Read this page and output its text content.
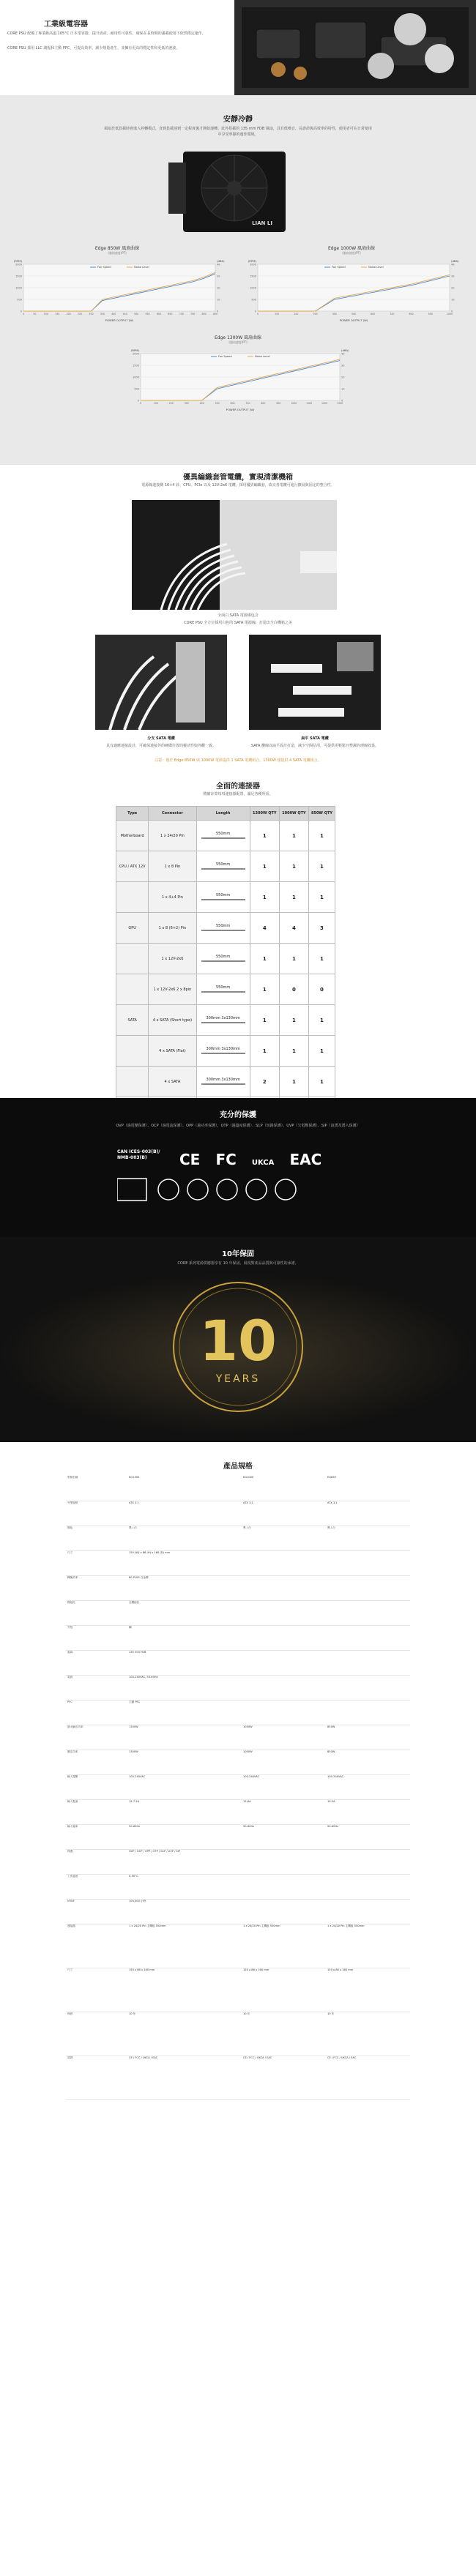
工業級電容器
CORE PSU 配備了專業級高溫 105°C 日本電容器，提升壽命、耐用性可靠性，確保在長時間的滿載使用下依然穩定運作。
CORE PSU 採用 LLC 諧振和主動 PFC，可提高效率，減少熱量產生，並擁有更高的穩定性和更低的漣波。
安靜冷靜
風扇於低負載時會進入停轉模式，直到負載達到一定程度後才開始運轉。此外搭載的 135 mm FDB 風扇，具有低噪音、長壽命與高效率的特性，使用者可在日常使用中享受寧靜的運作環境。
LIAN LI
Edge 850W 風扇曲線
(風扇速度/PT)
0	0
500	10
1000	20
1500	30
2000	40
0	50	100	150	200	250	300	350	400	450	500	550	600	650	700	750	800	850
POWER OUTPUT (W)
(RPM)	(dBA)
Fan Speed	Noise Level
Edge 1000W 風扇曲線
(風扇速度/PT)
0	0
500	10
1000	20
1500	30
2000	40
0	100	200	300	400	500	600	700	800	900	1000
POWER OUTPUT (W)
(RPM)	(dBA)
Fan Speed	Noise Level
Edge 1300W 風扇曲線
(風扇速度/PT)
0	0
500	10
1000	20
1500	30
2000	40
0	100	200	300	400	500	600	700	800	900	1000	1100	1200	1300
POWER OUTPUT (W)
(RPM)	(dBA)
Fan Speed	Noise Level
優異編織套管電纜，實現清潔機箱
電源線連接側 16+4 針、CPU、PCIe 以及 12V-2x6 電纜，採用優異編織套，改良各電纜可進行擴展與固定的整合性。
全面白 SATA 電源線包含
CORE PSU 全方位採用白色的 SATA 電源線，打造出全白機箱之美
分支 SATA 電纜
具有適應連接設計，可確保連接外的硬碟位置的靈活性與外觀一致。
扁平 SATA 電纜
SATA 纜線以扁平設計打造，減少空間佔用，可提供更輕鬆且整潔的理線效果。
注意：僅於 Edge 850W 與 1000W 電源提供 1 SATA 電纜組合，1300W 僅提供 4 SATA 電纜組合。
全面的連接器
精確計算每項連接器配置，滿足各種所需。
Type	Connector	Length	1300W QTY	1000W QTY	850W QTY
Motherboard	1 x 24/20 Pin	550mm	1	1	1
CPU / ATX 12V	1 x 8 Pin	550mm	1	1	1
	1 x 4+4 Pin	550mm	1	1	1
GPU	1 x 8 (6+2) Pin	550mm	4	4	3
	1 x 12V-2x6	550mm	1	1	1
	1 x 12V-2x6 2 x 8pin	550mm	1	0	0
SATA	4 x SATA (Short type)	300mm 3x130mm	1	1	1
	4 x SATA (Flat)	300mm 3x130mm	1	1	1
	4 x SATA	300mm 3x130mm	2	1	1

充分的保護
OVP（過電壓保護）、OCP（過電流保護）、OPP（過功率保護）、OTP（過溫度保護）、SCP（短路保護）、UVP（欠電壓保護）、SIP（浪湧及湧入保護）
CAN ICES-003(B)/ NMB-003(B)	CE FC UKCA EAC
10年保固
CORE 系列電源供應器享有 10 年保固，展現對產品品質與可靠性的承諾。
10
YEARS
產品規格
型號名稱	EG1300	EG1000	EG850
外型規格	ATX 3.1	ATX 3.1	ATX 3.1
顏色	黑 / 白	黑 / 白	黑 / 白
尺寸	150 (W) x 86 (H) x 160 (D) mm		
轉換效率	80 PLUS 白金牌		
模組化	全模組化		
外殼	鋼		
風扇	135 mm FDB		
電源	100-240VAC, 50-60Hz		
PFC	主動 PFC		
最大輸出功率	1300W	1000W	850W
額定功率	1300W	1000W	850W
輸入電壓	100-240VAC	100-240VAC	100-240VAC
輸入電流	15-7.5A	12-6A	10-5A
輸入頻率	50-60Hz	50-60Hz	50-60Hz
保護	OVP / OCP / OPP / OTP / SCP / UVP / SIP		
工作溫度	0-50°C		
MTBF	100,000 小時		
連接器	1 x 24/20 Pin 主機板 550mm	1 x 24/20 Pin 主機板 550mm	1 x 24/20 Pin 主機板 550mm
尺寸	150 x 86 x 160 mm	150 x 86 x 160 mm	150 x 86 x 160 mm
保固	10 年	10 年	10 年
認證	CE / FCC / UKCA / EAC	CE / FCC / UKCA / EAC	CE / FCC / UKCA / EAC
